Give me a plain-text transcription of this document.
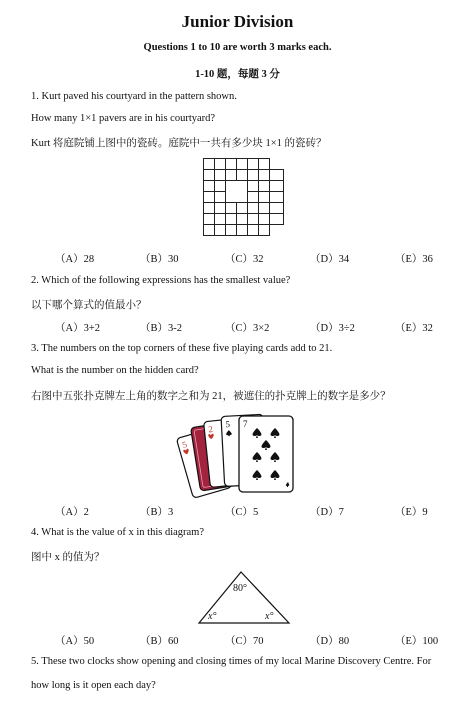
Junior Division
Questions 1 to 10 are worth 3 marks each.
1-10 题，每题 3 分
1. Kurt paved his courtyard in the pattern shown.
How many 1×1 pavers are in his courtyard?
Kurt 将庭院铺上图中的瓷砖。庭院中一共有多少块 1×1 的瓷砖？
（A）28	（B）30	（C）32	（D）34	（E）36
2. Which of the following expressions has the smallest value?
以下哪个算式的值最小？
（A）3+2	（B）3-2	（C）3×2	（D）3÷2	（E）32
3. The numbers on the top corners of these five playing cards add to 21.
What is the number on the hidden card?
右图中五张扑克牌左上角的数字之和为 21，被遮住的扑克牌上的数字是多少？
5
2 5 7
（A）2	（B）3	（C）5	（D）7	（E）9
4. What is the value of x in this diagram?
图中 x 的值为？
80°
x°	x°
（A）50	（B）60	（C）70	（D）80	（E）100
5. These two clocks show opening and closing times of my local Marine Discovery Centre. For
how long is it open each day?
